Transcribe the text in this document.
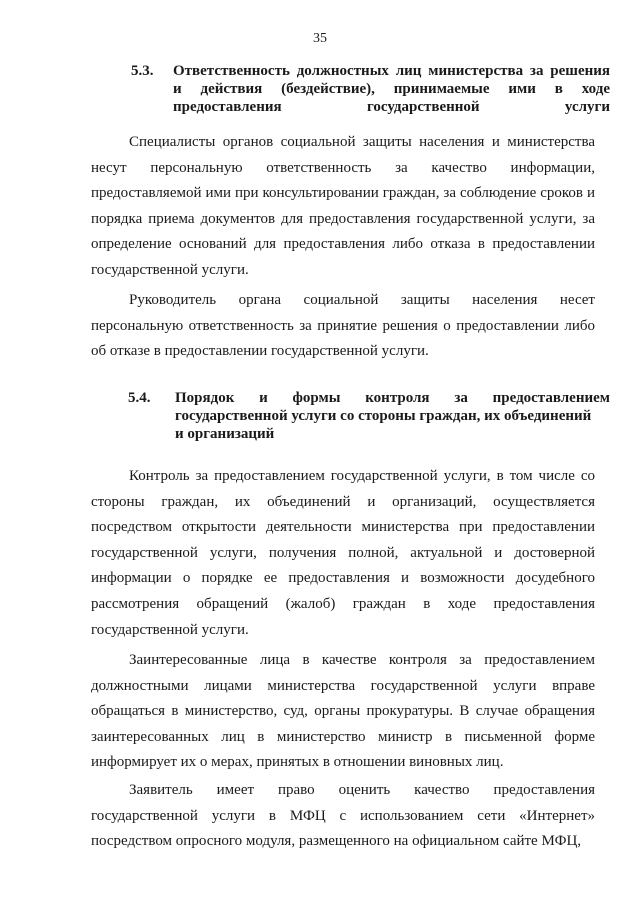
35
5.3. Ответственность должностных лиц министерства за решения
и действия (бездействие), принимаемые ими в ходе
предоставления государственной услуги

Специалисты органов социальной защиты населения и министерства несут персональную ответственность за качество информации, предоставляемой ими при консультировании граждан, за соблюдение сроков и порядка приема документов для предоставления государственной услуги, за определение оснований для предоставления либо отказа в предоставлении государственной услуги.

Руководитель органа социальной защиты населения несет персональную ответственность за принятие решения о предоставлении либо об отказе в предоставлении государственной услуги.

5.4. Порядок и формы контроля за предоставлением
государственной услуги со стороны граждан, их объединений
и организаций

Контроль за предоставлением государственной услуги, в том числе со стороны граждан, их объединений и организаций, осуществляется посредством открытости деятельности министерства при предоставлении государственной услуги, получения полной, актуальной и достоверной информации о порядке ее предоставления и возможности досудебного рассмотрения обращений (жалоб) граждан в ходе предоставления государственной услуги.

Заинтересованные лица в качестве контроля за предоставлением должностными лицами министерства государственной услуги вправе обращаться в министерство, суд, органы прокуратуры. В случае обращения заинтересованных лиц в министерство министр в письменной форме информирует их о мерах, принятых в отношении виновных лиц.

Заявитель имеет право оценить качество предоставления государственной услуги в МФЦ с использованием сети «Интернет» посредством опросного модуля, размещенного на официальном сайте МФЦ,
